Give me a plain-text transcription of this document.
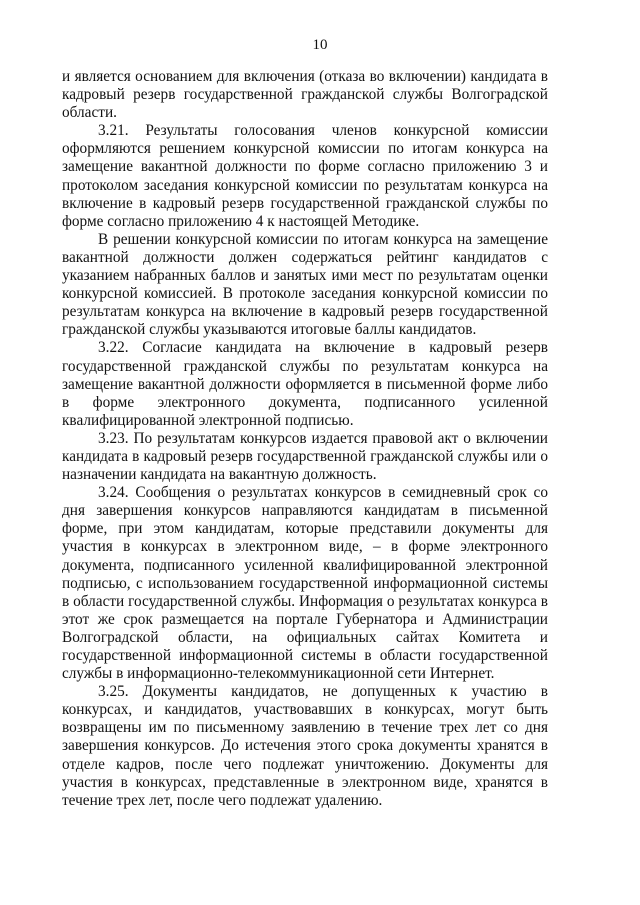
10

и является основанием для включения (отказа во включении) кандидата в кадровый резерв государственной гражданской службы Волгоградской области.

3.21. Результаты голосования членов конкурсной комиссии оформляются решением конкурсной комиссии по итогам конкурса на замещение вакантной должности по форме согласно приложению 3 и протоколом заседания конкурсной комиссии по результатам конкурса на включение в кадровый резерв государственной гражданской службы по форме согласно приложению 4 к настоящей Методике.

В решении конкурсной комиссии по итогам конкурса на замещение вакантной должности должен содержаться рейтинг кандидатов с указанием набранных баллов и занятых ими мест по результатам оценки конкурсной комиссией. В протоколе заседания конкурсной комиссии по результатам конкурса на включение в кадровый резерв государственной гражданской службы указываются итоговые баллы кандидатов.

3.22. Согласие кандидата на включение в кадровый резерв государственной гражданской службы по результатам конкурса на замещение вакантной должности оформляется в письменной форме либо в форме электронного документа, подписанного усиленной квалифицированной электронной подписью.

3.23. По результатам конкурсов издается правовой акт о включении кандидата в кадровый резерв государственной гражданской службы или о назначении кандидата на вакантную должность.

3.24. Сообщения о результатах конкурсов в семидневный срок со дня завершения конкурсов направляются кандидатам в письменной форме, при этом кандидатам, которые представили документы для участия в конкурсах в электронном виде, – в форме электронного документа, подписанного усиленной квалифицированной электронной подписью, с использованием государственной информационной системы в области государственной службы. Информация о результатах конкурса в этот же срок размещается на портале Губернатора и Администрации Волгоградской области, на официальных сайтах Комитета и государственной информационной системы в области государственной службы в информационно-телекоммуникационной сети Интернет.

3.25. Документы кандидатов, не допущенных к участию в конкурсах, и кандидатов, участвовавших в конкурсах, могут быть возвращены им по письменному заявлению в течение трех лет со дня завершения конкурсов. До истечения этого срока документы хранятся в отделе кадров, после чего подлежат уничтожению. Документы для участия в конкурсах, представленные в электронном виде, хранятся в течение трех лет, после чего подлежат удалению.
